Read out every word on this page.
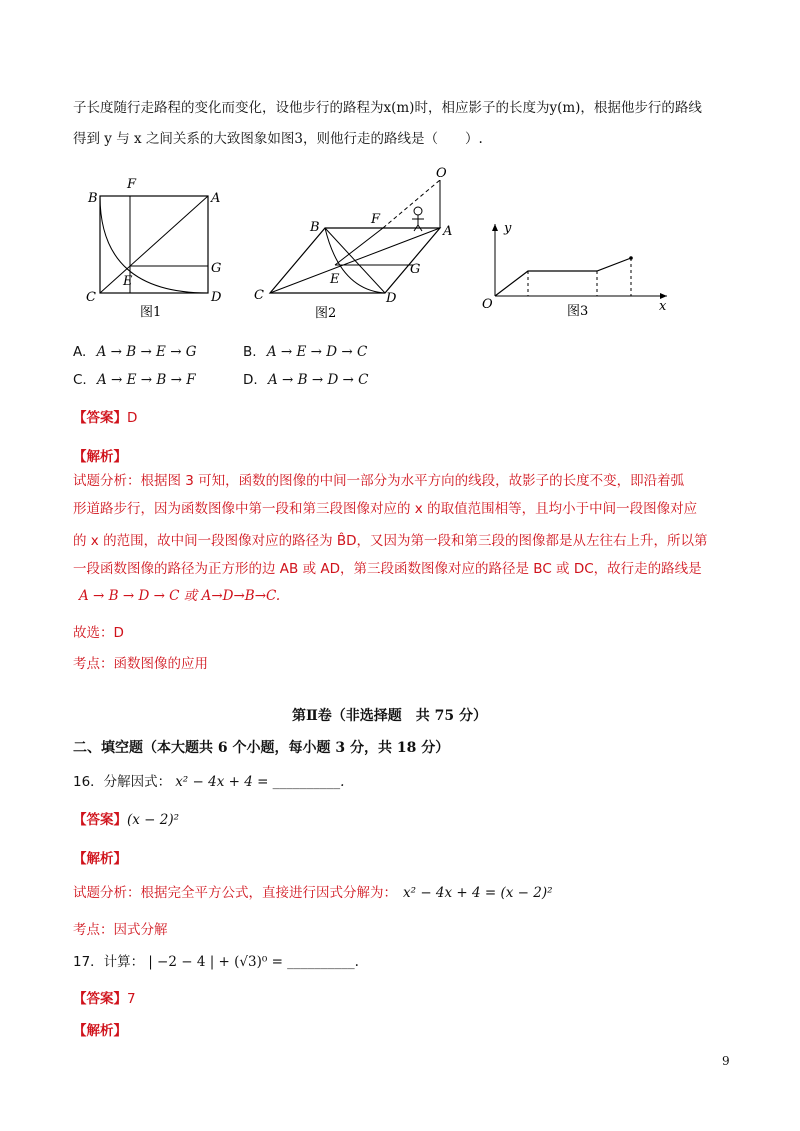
子长度随行走路程的变化而变化，设他步行的路程为x(m)时，相应影子的长度为y(m)，根据他步行的路线
得到 y 与 x 之间关系的大致图象如图3，则他行走的路线是（　　）.
B
F
A
E
G
C	D
图1
O
B
F
A
E
G
C	D
图2
y
x
O	图3
A. A → B → E → G	B. A → E → D → C
C. A → E → B → F	D. A → B → D → C
【答案】D
【解析】
试题分析：根据图 3 可知，函数的图像的中间一部分为水平方向的线段，故影子的长度不变，即沿着弧
形道路步行，因为函数图像中第一段和第三段图像对应的 x 的取值范围相等，且均小于中间一段图像对应
的 x 的范围，故中间一段图像对应的路径为 B̂D，又因为第一段和第三段的图像都是从左往右上升，所以第
一段函数图像的路径为正方形的边 AB 或 AD，第三段函数图像对应的路径是 BC 或 DC，故行走的路线是
A → B → D → C 或 A→D→B→C.
故选：D
考点：函数图像的应用
第Ⅱ卷（非选择题　共 75 分）
二、填空题（本大题共 6 个小题，每小题 3 分，共 18 分）
16．分解因式： x² − 4x + 4 = __________.
【答案】(x − 2)²
【解析】
试题分析：根据完全平方公式，直接进行因式分解为： x² − 4x + 4 = (x − 2)²
考点：因式分解
17．计算： | −2 − 4 | + (√3)⁰ = __________.
【答案】7
【解析】
9
